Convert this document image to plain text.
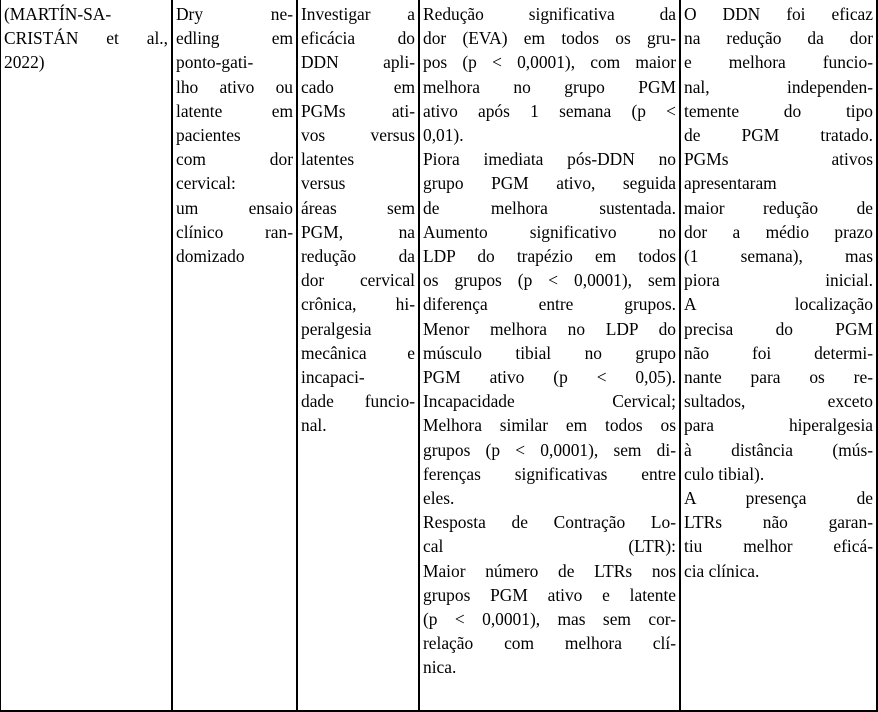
(MARTÍN-SA-
CRISTÁN et al.,
2022)

Dry ne-
edling em
ponto-gati-
lho ativo ou
latente em
pacientes
com dor
cervical:
um ensaio
clínico ran-
domizado

Investigar a
eficácia do
DDN apli-
cado em
PGMs ati-
vos versus
latentes
versus
áreas sem
PGM, na
redução da
dor cervical
crônica, hi-
peralgesia
mecânica e
incapaci-
dade funcio-
nal.

Redução significativa da
dor (EVA) em todos os gru-
pos (p < 0,0001), com maior
melhora no grupo PGM
ativo após 1 semana (p <
0,01).
Piora imediata pós-DDN no
grupo PGM ativo, seguida
de melhora sustentada.
Aumento significativo no
LDP do trapézio em todos
os grupos (p < 0,0001), sem
diferença entre grupos.
Menor melhora no LDP do
músculo tibial no grupo
PGM ativo (p < 0,05).
Incapacidade Cervical;
Melhora similar em todos os
grupos (p < 0,0001), sem di-
ferenças significativas entre
eles.
Resposta de Contração Lo-
cal (LTR):
Maior número de LTRs nos
grupos PGM ativo e latente
(p < 0,0001), mas sem cor-
relação com melhora clí-
nica.

O DDN foi eficaz
na redução da dor
e melhora funcio-
nal, independen-
temente do tipo
de PGM tratado.
PGMs ativos
apresentaram
maior redução de
dor a médio prazo
(1 semana), mas
piora inicial.
A localização
precisa do PGM
não foi determi-
nante para os re-
sultados, exceto
para hiperalgesia
à distância (mús-
culo tibial).
A presença de
LTRs não garan-
tiu melhor eficá-
cia clínica.
